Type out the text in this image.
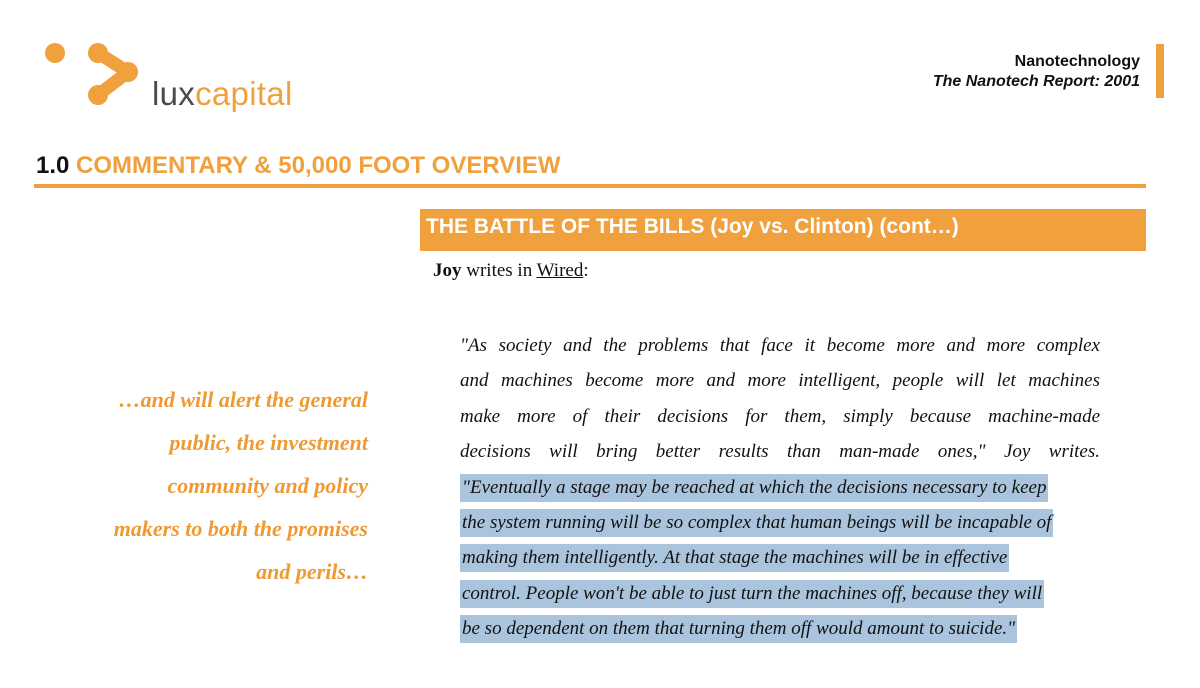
luxcapital
Nanotechnology
The Nanotech Report: 2001
1.0 COMMENTARY & 50,000 FOOT OVERVIEW
THE BATTLE OF THE BILLS (Joy vs. Clinton) (cont…)
Joy writes in Wired:
…and will alert the general
public, the investment
community and policy
makers to both the promises
and perils…
"As society and the problems that face it become more and more complex
and machines become more and more intelligent, people will let machines
make more of their decisions for them, simply because machine-made
decisions will bring better results than man-made ones," Joy writes.
"Eventually a stage may be reached at which the decisions necessary to keep
the system running will be so complex that human beings will be incapable of
making them intelligently. At that stage the machines will be in effective
control. People won't be able to just turn the machines off, because they will
be so dependent on them that turning them off would amount to suicide."
